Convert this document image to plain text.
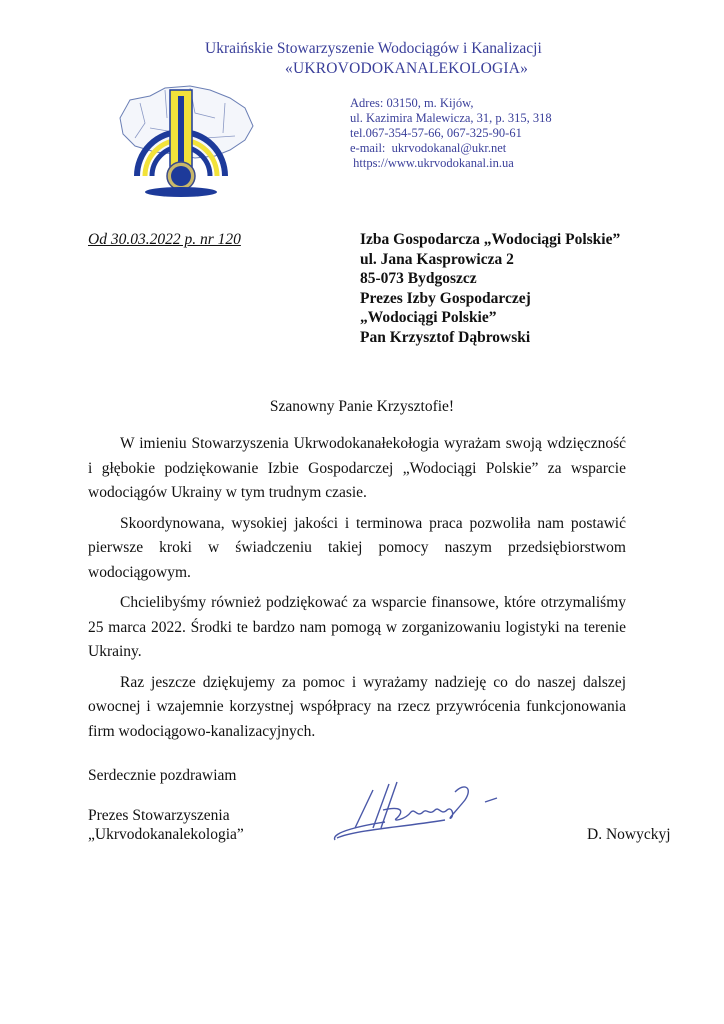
Ukraińskie Stowarzyszenie Wodociągów i Kanalizacji
«UKROVODOKANALEKOLOGIA»
Adres: 03150, m. Kijów,
ul. Kazimira Malewicza, 31, p. 315, 318
tel.067-354-57-66, 067-325-90-61
e-mail:  ukrvodokanal@ukr.net
https://www.ukrvodokanal.in.ua
Od 30.03.2022 p. nr 120	Izba Gospodarcza „Wodociągi Polskie”
ul. Jana Kasprowicza 2
85-073 Bydgoszcz
Prezes Izby Gospodarczej
„Wodociągi Polskie”
Pan Krzysztof Dąbrowski
Szanowny Panie Krzysztofie!

W imieniu Stowarzyszenia Ukrwodokanałekołogia wyrażam swoją wdzięczność i głębokie podziękowanie Izbie Gospodarczej „Wodociągi Polskie” za wsparcie wodociągów Ukrainy w tym trudnym czasie.

Skoordynowana, wysokiej jakości i terminowa praca pozwoliła nam postawić pierwsze kroki w świadczeniu takiej pomocy naszym przedsiębiorstwom wodociągowym.

Chcielibyśmy również podziękować za wsparcie finansowe, które otrzymaliśmy 25 marca 2022. Środki te bardzo nam pomogą w zorganizowaniu logistyki na terenie Ukrainy.

Raz jeszcze dziękujemy za pomoc i wyrażamy nadzieję co do naszej dalszej owocnej i wzajemnie korzystnej współpracy na rzecz przywrócenia funkcjonowania firm wodociągowo-kanalizacyjnych.

Serdecznie pozdrawiam
Prezes Stowarzyszenia
„Ukrvodokanalekologia”	D. Nowyckyj
